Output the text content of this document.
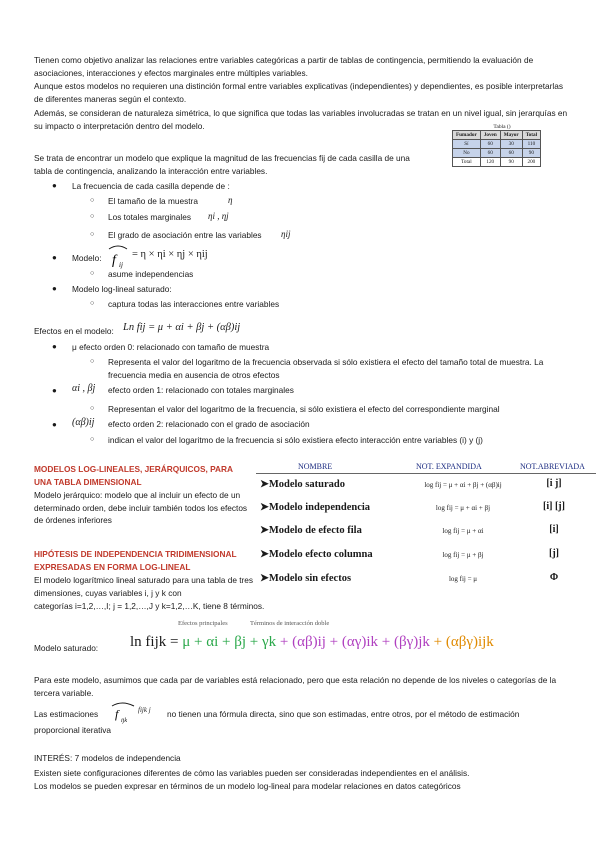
Tienen como objetivo analizar las relaciones entre variables categóricas a partir de tablas de contingencia, permitiendo la evaluación de asociaciones, interacciones y efectos marginales entre múltiples variables.
Aunque estos modelos no requieren una distinción formal entre variables explicativas (independientes) y dependientes, es posible interpretarlas de diferentes maneras según el contexto.
Además, se consideran de naturaleza simétrica, lo que significa que todas las variables involucradas se tratan en un nivel igual, sin jerarquías en su impacto o interpretación dentro del modelo.	Tabla ()
Fumador	Joven	Mayor	Total
Sí	60	30	110
No	60	60	90
Total	120	90	200
Se trata de encontrar un modelo que explique la magnitud de las frecuencias fij de cada casilla de una tabla de contingencia, analizando la interacción entre variables.
● La frecuencia de cada casilla depende de :
○ El tamaño de la muestra	η
○ Los totales marginales ηi , ηj
○ El grado de asociación entre las variables ηij
● Modelo: f ij
= η × ηi × ηj × ηij
○ asume independencias
● Modelo log-lineal saturado:
○ captura todas las interacciones entre variables
Efectos en el modelo: Ln fij = μ + αi + βj + (αβ)ij
● μ efecto orden 0: relacionado con tamaño de muestra
○ Representa el valor del logaritmo de la frecuencia observada si sólo existiera el efecto del tamaño total de muestra. La frecuencia media en ausencia de otros efectos
● αi , βj efecto orden 1: relacionado con totales marginales
○ Representan el valor del logaritmo de la frecuencia, si sólo existiera el efecto del correspondiente marginal
● (αβ)ij efecto orden 2: relacionado con el grado de asociación
○ indican el valor del logaritmo de la frecuencia si sólo existiera efecto interacción entre variables (i) y (j)
MODELOS LOG-LINEALES, JERÁRQUICOS, PARA UNA TABLA DIMENSIONAL
Modelo jerárquico: modelo que al incluir un efecto de un determinado orden, debe incluir también todos los efectos de órdenes inferiores
NOMBRE	NOT. EXPANDIDA	NOT.ABREVIADA
➤Modelo saturado	log fij = μ + αi + βj + (αβ)ij	[i j]
➤Modelo independencia	log fij = μ + αi + βj	[i] [j]
➤Modelo de efecto fila	log fij = μ + αi	[i]
➤Modelo efecto columna	log fij = μ + βj	[j]
➤Modelo sin efectos	log fij = μ	Φ
HIPÓTESIS DE INDEPENDENCIA TRIDIMENSIONAL EXPRESADAS EN FORMA LOG-LINEAL
El modelo logarítmico lineal saturado para una tabla de tres dimensiones, cuyas variables i, j y k con
categorías i=1,2,…,I; j = 1,2,…,J y k=1,2,…K, tiene 8 términos.
Efectos principales	Términos de interacción doble
Modelo saturado: ln fijk = μ + αi + βj + γk + (αβ)ij + (αγ)ik + (βγ)jk + (αβγ)ijk
Para este modelo, asumimos que cada par de variables está relacionado, pero que esta relación no depende de los niveles o categorías de la tercera variable.
Las estimaciones f ijk
fijk j no tienen una fórmula directa, sino que son estimadas, entre otros, por el método de estimación
proporcional iterativa
INTERÉS: 7 modelos de independencia
Existen siete configuraciones diferentes de cómo las variables pueden ser consideradas independientes en el análisis.
Los modelos se pueden expresar en términos de un modelo log-lineal para modelar relaciones en datos categóricos
